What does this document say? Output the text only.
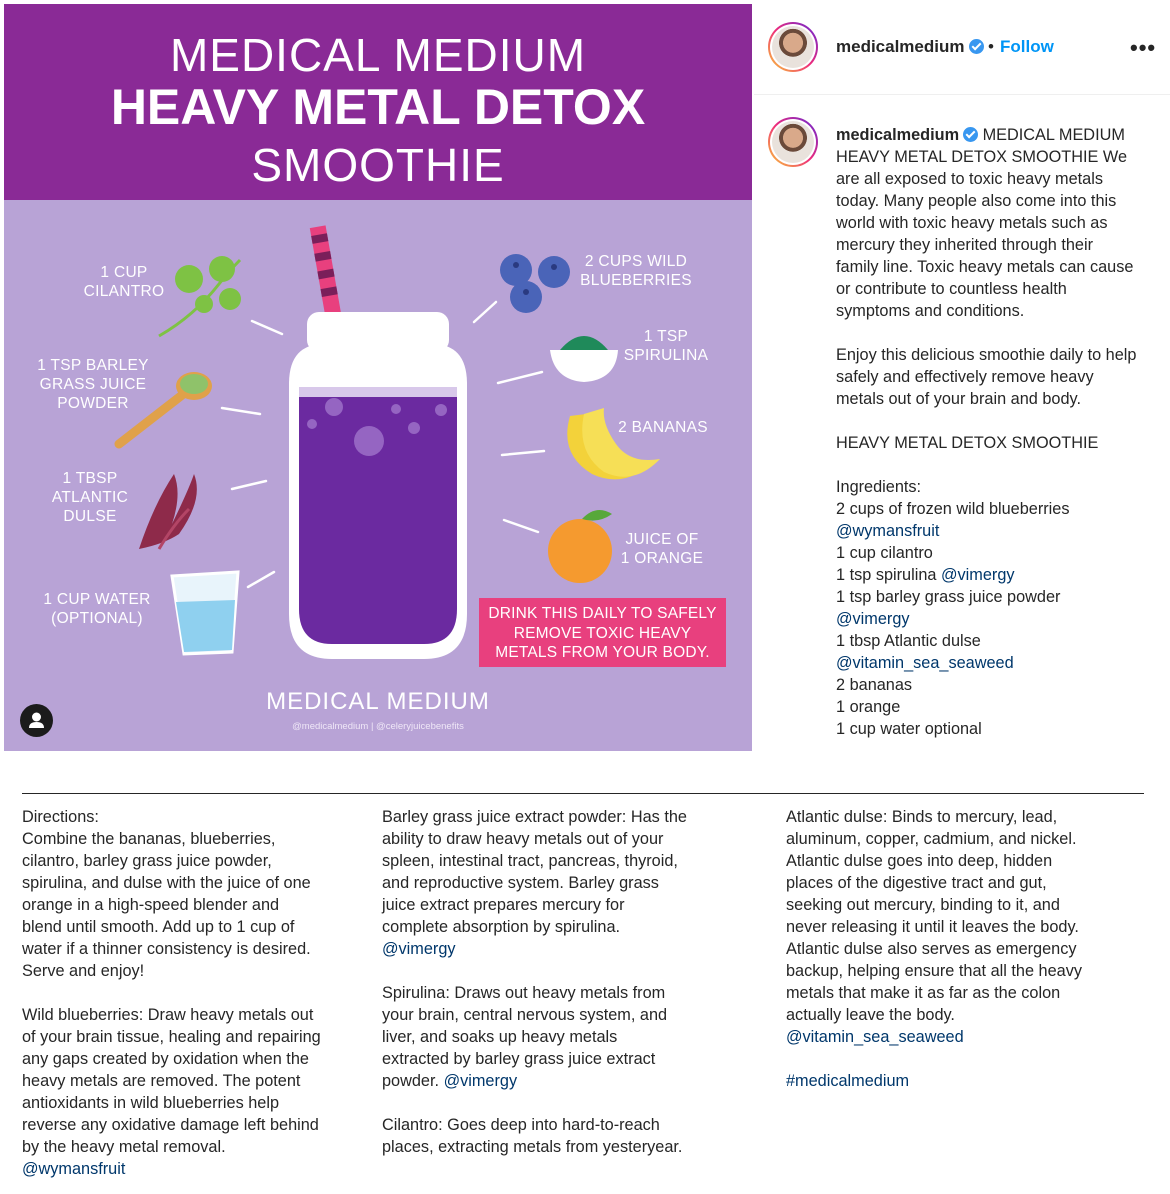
MEDICAL MEDIUM
HEAVY METAL DETOX
SMOOTHIE
1 CUP
CILANTRO
1 TSP BARLEY
GRASS JUICE
POWDER
1 TBSP
ATLANTIC
DULSE
1 CUP WATER
(OPTIONAL)
2 CUPS WILD
BLUEBERRIES
1 TSP
SPIRULINA
2 BANANAS
JUICE OF
1 ORANGE
DRINK THIS DAILY TO SAFELY
REMOVE TOXIC HEAVY
METALS FROM YOUR BODY.
MEDICAL MEDIUM
@medicalmedium | @celeryjuicebenefits
medicalmedium	• Follow	•••

medicalmedium MEDICAL MEDIUM HEAVY METAL DETOX SMOOTHIE We are all exposed to toxic heavy metals today. Many people also come into this world with toxic heavy metals such as mercury they inherited through their family line. Toxic heavy metals can cause or contribute to countless health symptoms and conditions.

Enjoy this delicious smoothie daily to help safely and effectively remove heavy metals out of your brain and body.

HEAVY METAL DETOX SMOOTHIE

Ingredients:

2 cups of frozen wild blueberries

@wymansfruit

1 cup cilantro

1 tsp spirulina @vimergy

1 tsp barley grass juice powder

@vimergy

1 tbsp Atlantic dulse

@vitamin_sea_seaweed

2 bananas

1 orange

1 cup water optional

Directions:

Combine the bananas, blueberries, cilantro, barley grass juice powder, spirulina, and dulse with the juice of one orange in a high-speed blender and blend until smooth. Add up to 1 cup of water if a thinner consistency is desired. Serve and enjoy!

Wild blueberries: Draw heavy metals out of your brain tissue, healing and repairing any gaps created by oxidation when the heavy metals are removed. The potent antioxidants in wild blueberries help reverse any oxidative damage left behind by the heavy metal removal. @wymansfruit

Barley grass juice extract powder: Has the ability to draw heavy metals out of your spleen, intestinal tract, pancreas, thyroid, and reproductive system. Barley grass juice extract prepares mercury for complete absorption by spirulina. @vimergy

Spirulina: Draws out heavy metals from your brain, central nervous system, and liver, and soaks up heavy metals extracted by barley grass juice extract powder. @vimergy

Cilantro: Goes deep into hard-to-reach places, extracting metals from yesteryear.

Atlantic dulse: Binds to mercury, lead, aluminum, copper, cadmium, and nickel. Atlantic dulse goes into deep, hidden places of the digestive tract and gut, seeking out mercury, binding to it, and never releasing it until it leaves the body. Atlantic dulse also serves as emergency backup, helping ensure that all the heavy metals that make it as far as the colon actually leave the body.

@vitamin_sea_seaweed

#medicalmedium
